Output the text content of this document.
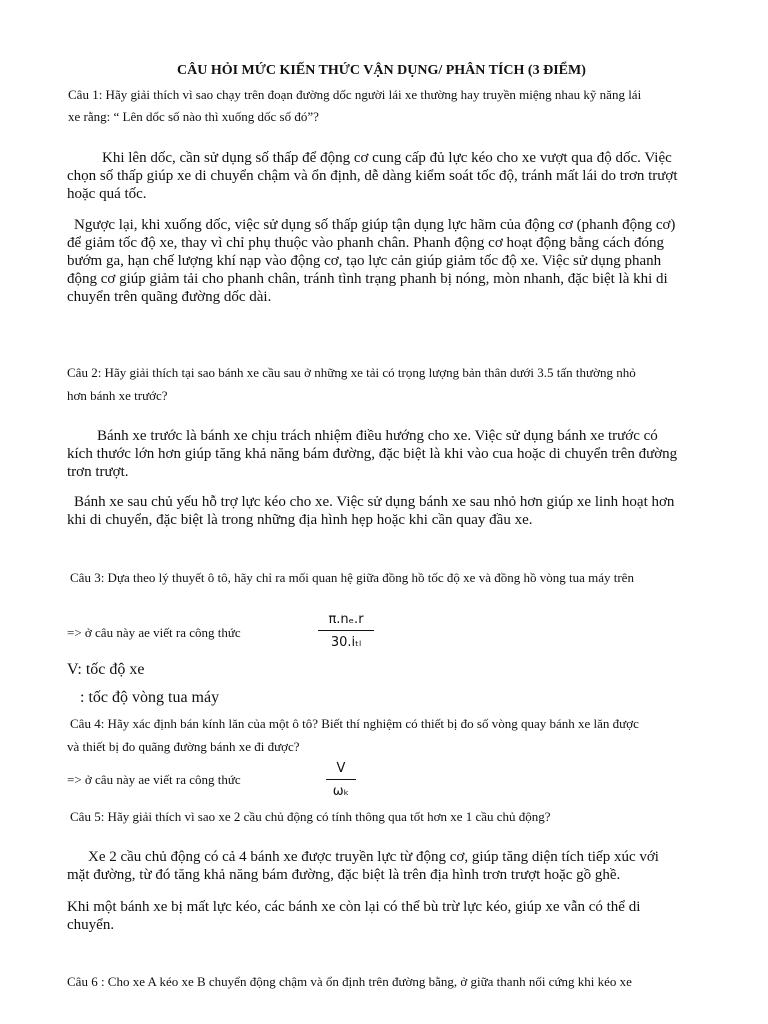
CÂU HỎI MỨC KIẾN THỨC VẬN DỤNG/ PHÂN TÍCH (3 ĐIỂM)
Câu 1: Hãy giải thích vì sao chạy trên đoạn đường dốc người lái xe thường hay truyền miệng nhau kỹ năng lái
xe rằng: “ Lên dốc số nào thì xuống dốc số đó”?
Khi lên dốc, cần sử dụng số thấp để động cơ cung cấp đủ lực kéo cho xe vượt qua độ dốc. Việc
chọn số thấp giúp xe di chuyển chậm và ổn định, dễ dàng kiểm soát tốc độ, tránh mất lái do trơn trượt
hoặc quá tốc.
Ngược lại, khi xuống dốc, việc sử dụng số thấp giúp tận dụng lực hãm của động cơ (phanh động cơ)
để giảm tốc độ xe, thay vì chỉ phụ thuộc vào phanh chân. Phanh động cơ hoạt động bằng cách đóng
bướm ga, hạn chế lượng khí nạp vào động cơ, tạo lực cản giúp giảm tốc độ xe. Việc sử dụng phanh
động cơ giúp giảm tải cho phanh chân, tránh tình trạng phanh bị nóng, mòn nhanh, đặc biệt là khi di
chuyển trên quãng đường dốc dài.
Câu 2: Hãy giải thích tại sao bánh xe cầu sau ở những xe tải có trọng lượng bản thân dưới 3.5 tấn thường nhỏ
hơn bánh xe trước?
Bánh xe trước là bánh xe chịu trách nhiệm điều hướng cho xe. Việc sử dụng bánh xe trước có
kích thước lớn hơn giúp tăng khả năng bám đường, đặc biệt là khi vào cua hoặc di chuyển trên đường
trơn trượt.
Bánh xe sau chủ yếu hỗ trợ lực kéo cho xe. Việc sử dụng bánh xe sau nhỏ hơn giúp xe linh hoạt hơn
khi di chuyển, đặc biệt là trong những địa hình hẹp hoặc khi cần quay đầu xe.
Câu 3: Dựa theo lý thuyết ô tô, hãy chỉ ra mối quan hệ giữa đồng hồ tốc độ xe và đồng hồ vòng tua máy trên
=> ở câu này ae viết ra công thức
π.nₑ.r
30.iₜₗ
V: tốc độ xe
: tốc độ vòng tua máy
Câu 4: Hãy xác định bán kính lăn của một ô tô? Biết thí nghiệm có thiết bị đo số vòng quay bánh xe lăn được
và thiết bị đo quãng đường bánh xe đi được?
=> ở câu này ae viết ra công thức
V
ωₖ
Câu 5: Hãy giải thích vì sao xe 2 cầu chủ động có tính thông qua tốt hơn xe 1 cầu chủ động?
Xe 2 cầu chủ động có cả 4 bánh xe được truyền lực từ động cơ, giúp tăng diện tích tiếp xúc với
mặt đường, từ đó tăng khả năng bám đường, đặc biệt là trên địa hình trơn trượt hoặc gồ ghề.
Khi một bánh xe bị mất lực kéo, các bánh xe còn lại có thể bù trừ lực kéo, giúp xe vẫn có thể di
chuyển.
Câu 6 : Cho xe A kéo xe B chuyển động chậm và ổn định trên đường bằng, ở giữa thanh nối cứng khi kéo xe
